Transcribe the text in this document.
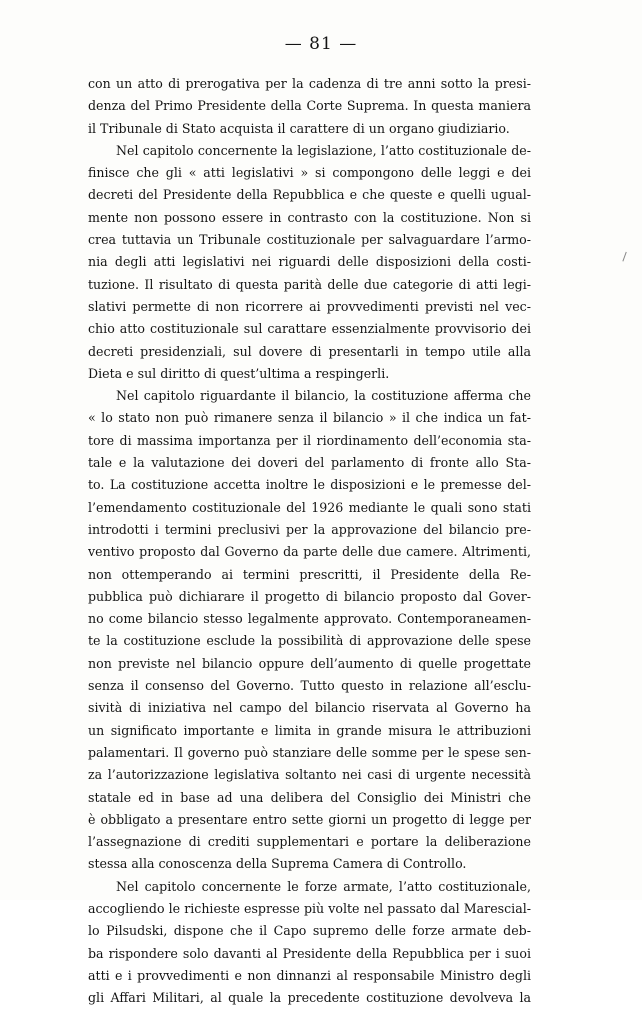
— 81 —
con un atto di prerogativa per la cadenza di tre anni sotto la presi-
denza del Primo Presidente della Corte Suprema. In questa maniera
il Tribunale di Stato acquista il carattere di un organo giudiziario.
Nel capitolo concernente la legislazione, l’atto costituzionale de-
finisce che gli « atti legislativi » si compongono delle leggi e dei
decreti del Presidente della Repubblica e che queste e quelli ugual-
mente non possono essere in contrasto con la costituzione. Non si
crea tuttavia un Tribunale costituzionale per salvaguardare l’armo-
nia degli atti legislativi nei riguardi delle disposizioni della costi-
tuzione. Il risultato di questa parità delle due categorie di atti legi-
slativi permette di non ricorrere ai provvedimenti previsti nel vec-
chio atto costituzionale sul carattare essenzialmente provvisorio dei
decreti presidenziali, sul dovere di presentarli in tempo utile alla
Dieta e sul diritto di quest’ultima a respingerli.
Nel capitolo riguardante il bilancio, la costituzione afferma che
« lo stato non può rimanere senza il bilancio » il che indica un fat-
tore di massima importanza per il riordinamento dell’economia sta-
tale e la valutazione dei doveri del parlamento di fronte allo Sta-
to. La costituzione accetta inoltre le disposizioni e le premesse del-
l’emendamento costituzionale del 1926 mediante le quali sono stati
introdotti i termini preclusivi per la approvazione del bilancio pre-
ventivo proposto dal Governo da parte delle due camere. Altrimenti,
non ottemperando ai termini prescritti, il Presidente della Re-
pubblica può dichiarare il progetto di bilancio proposto dal Gover-
no come bilancio stesso legalmente approvato. Contemporaneamen-
te la costituzione esclude la possibilità di approvazione delle spese
non previste nel bilancio oppure dell’aumento di quelle progettate
senza il consenso del Governo. Tutto questo in relazione all’esclu-
sività di iniziativa nel campo del bilancio riservata al Governo ha
un significato importante e limita in grande misura le attribuzioni
palamentari. Il governo può stanziare delle somme per le spese sen-
za l’autorizzazione legislativa soltanto nei casi di urgente necessità
statale ed in base ad una delibera del Consiglio dei Ministri che
è obbligato a presentare entro sette giorni un progetto di legge per
l’assegnazione di crediti supplementari e portare la deliberazione
stessa alla conoscenza della Suprema Camera di Controllo.
Nel capitolo concernente le forze armate, l’atto costituzionale,
accogliendo le richieste espresse più volte nel passato dal Marescial-
lo Pilsudski, dispone che il Capo supremo delle forze armate deb-
ba rispondere solo davanti al Presidente della Repubblica per i suoi
atti e i provvedimenti e non dinnanzi al responsabile Ministro degli
gli Affari Militari, al quale la precedente costituzione devolveva la
